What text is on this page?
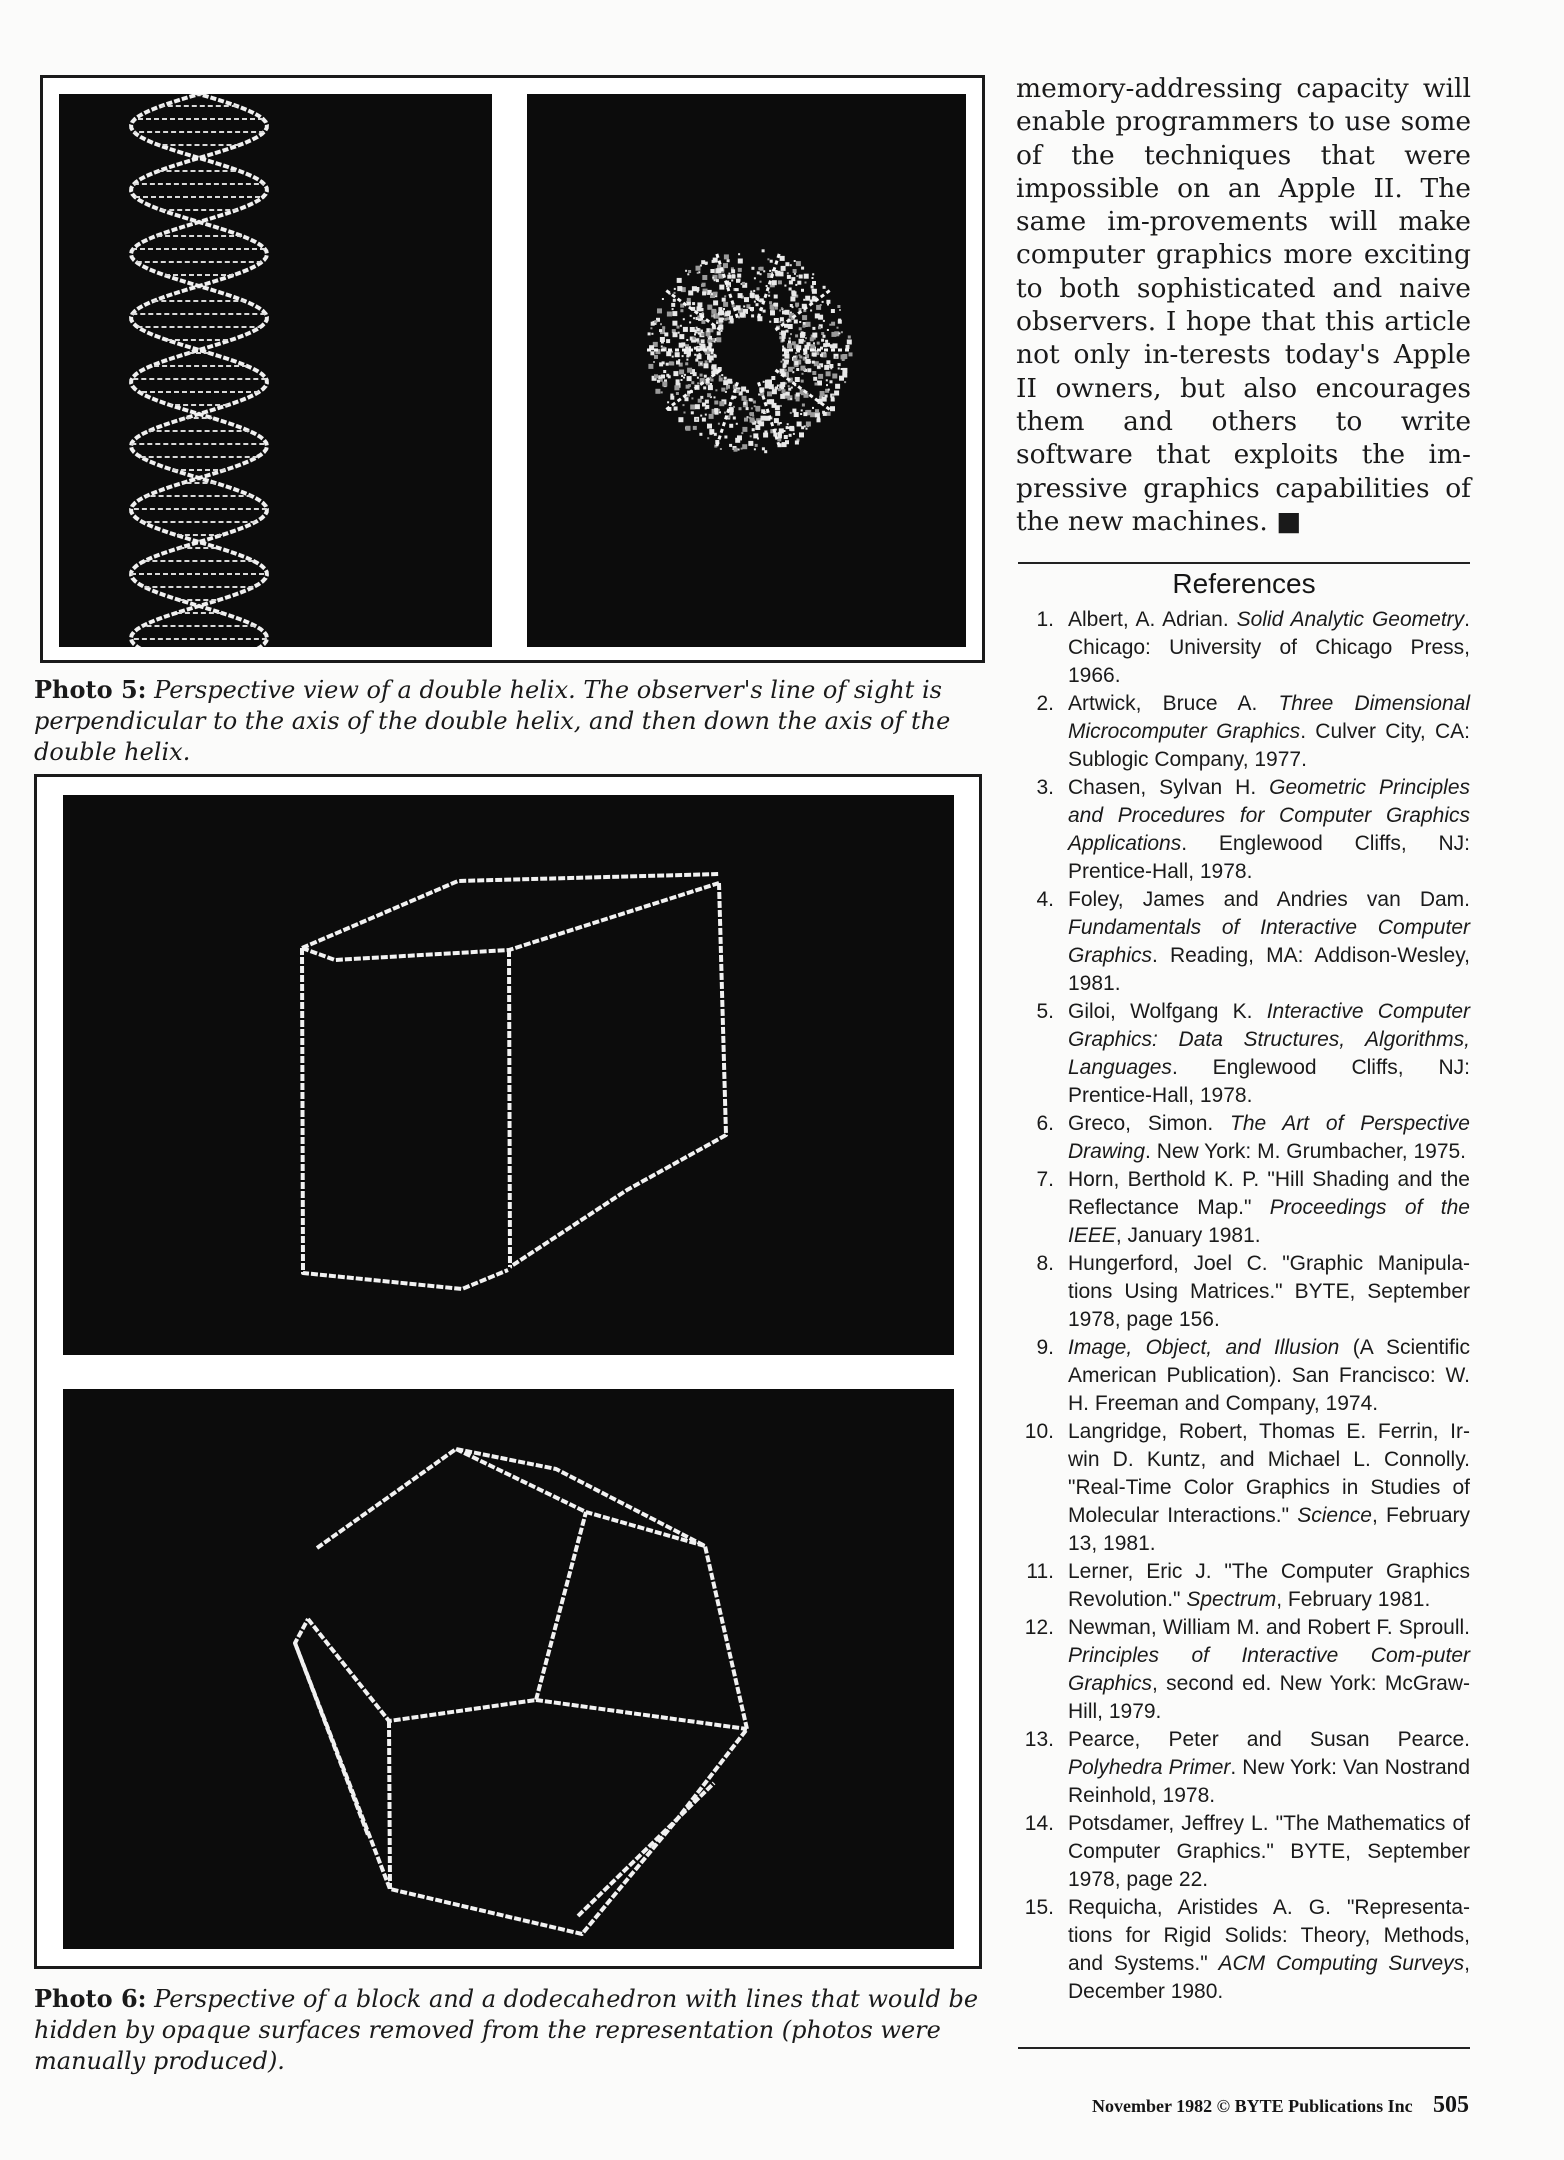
Photo 5: Perspective view of a double helix. The observer's line of sight is perpendicular to the axis of the double helix, and then down the axis of the double helix.
Photo 6: Perspective of a block and a dodecahedron with lines that would be hidden by opaque surfaces removed from the representation (photos were manually produced).

memory-addressing capacity will enable programmers to use some of the techniques that were impossible on an Apple II. The same im-provements will make computer graphics more exciting to both sophisticated and naive observers. I hope that this article not only in-terests today's Apple II owners, but also encourages them and others to write software that exploits the im-pressive graphics capabilities of the new machines. ■

References
1. Albert, A. Adrian. Solid Analytic Geometry. Chicago: University of Chicago Press, 1966.
2. Artwick, Bruce A. Three Dimensional Microcomputer Graphics. Culver City, CA: Sublogic Company, 1977.
3. Chasen, Sylvan H. Geometric Principles and Procedures for Computer Graphics Applications. Englewood Cliffs, NJ: Prentice-Hall, 1978.
4. Foley, James and Andries van Dam. Fundamentals of Interactive Computer Graphics. Reading, MA: Addison-Wesley, 1981.
5. Giloi, Wolfgang K. Interactive Computer Graphics: Data Structures, Algorithms, Languages. Englewood Cliffs, NJ: Prentice-Hall, 1978.
6. Greco, Simon. The Art of Perspective Drawing. New York: M. Grumbacher, 1975.
7. Horn, Berthold K. P. "Hill Shading and the Reflectance Map." Proceedings of the IEEE, January 1981.
8. Hungerford, Joel C. "Graphic Manipula-tions Using Matrices." BYTE, September 1978, page 156.
9. Image, Object, and Illusion (A Scientific American Publication). San Francisco: W. H. Freeman and Company, 1974.
10. Langridge, Robert, Thomas E. Ferrin, Ir-win D. Kuntz, and Michael L. Connolly. "Real-Time Color Graphics in Studies of Molecular Interactions." Science, February 13, 1981.
11. Lerner, Eric J. "The Computer Graphics Revolution." Spectrum, February 1981.
12. Newman, William M. and Robert F. Sproull. Principles of Interactive Com-puter Graphics, second ed. New York: McGraw-Hill, 1979.
13. Pearce, Peter and Susan Pearce. Polyhedra Primer. New York: Van Nostrand Reinhold, 1978.
14. Potsdamer, Jeffrey L. "The Mathematics of Computer Graphics." BYTE, September 1978, page 22.
15. Requicha, Aristides A. G. "Representa-tions for Rigid Solids: Theory, Methods, and Systems." ACM Computing Surveys, December 1980.
November 1982 © BYTE Publications Inc 505
